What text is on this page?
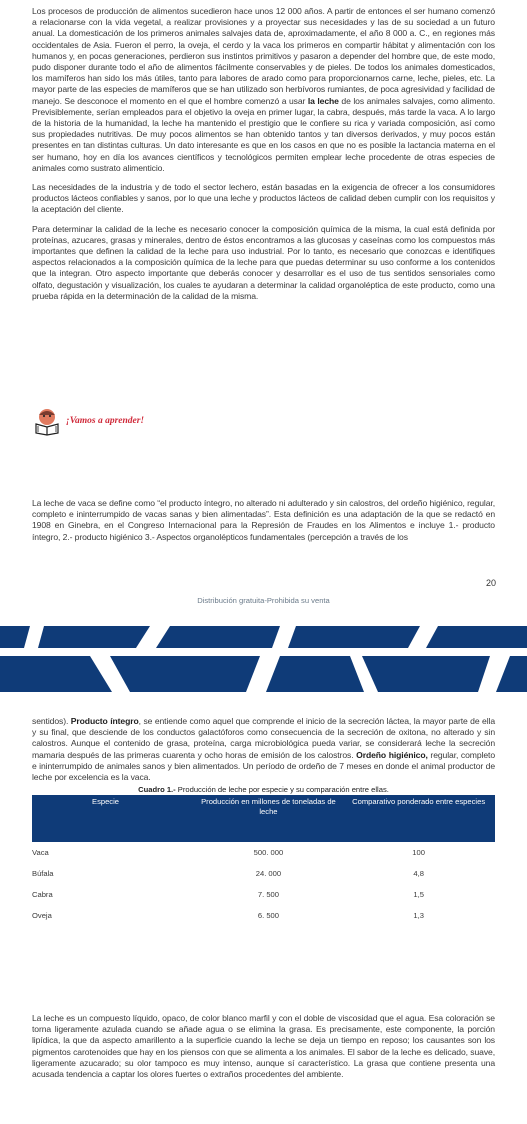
Los procesos de producción de alimentos sucedieron hace unos 12 000 años. A partir de entonces el ser humano comenzó a relacionarse con la vida vegetal, a realizar provisiones y a proyectar sus necesidades y las de su sociedad a un futuro anual. La domesticación de los primeros animales salvajes data de, aproximadamente, el año 8 000 a. C., en regiones más occidentales de Asia. Fueron el perro, la oveja, el cerdo y la vaca los primeros en compartir hábitat y alimentación con los humanos y, en pocas generaciones, perdieron sus instintos primitivos y pasaron a depender del hombre que, de este modo, pudo disponer durante todo el año de alimentos fácilmente conservables y de pieles. De todos los animales domesticados, los mamíferos han sido los más útiles, tanto para labores de arado como para proporcionarnos carne, leche, pieles, etc. La mayor parte de las especies de mamíferos que se han utilizado son herbívoros rumiantes, de poca agresividad y facilidad de manejo. Se desconoce el momento en el que el hombre comenzó a usar la leche de los animales salvajes, como alimento. Previsiblemente, serían empleados para el objetivo la oveja en primer lugar, la cabra, después, más tarde la vaca. A lo largo de la historia de la humanidad, la leche ha mantenido el prestigio que le confiere su rica y variada composición, así como sus propiedades nutritivas. De muy pocos alimentos se han obtenido tantos y tan diversos derivados, y muy pocos están presentes en tan distintas culturas. Un dato interesante es que en los casos en que no es posible la lactancia materna en el ser humano, hoy en día los avances científicos y tecnológicos permiten emplear leche procedente de otras especies de animales como sustrato alimenticio.

Las necesidades de la industria y de todo el sector lechero, están basadas en la exigencia de ofrecer a los consumidores productos lácteos confiables y sanos, por lo que una leche y productos lácteos de calidad deben cumplir con los requisitos y la aceptación del cliente.

Para determinar la calidad de la leche es necesario conocer la composición química de la misma, la cual está definida por proteínas, azucares, grasas y minerales, dentro de éstos encontramos a las glucosas y caseínas como los compuestos más importantes que definen la calidad de la leche para uso industrial. Por lo tanto, es necesario que conozcas e identifiques aspectos relacionados a la composición química de la leche para que puedas determinar su uso conforme a los contenidos que la integran. Otro aspecto importante que deberás conocer y desarrollar es el uso de tus sentidos sensoriales como olfato, degustación y visualización, los cuales te ayudaran a determinar la calidad organoléptica de este producto, como una prueba rápida en la determinación de la calidad de la misma.

¡Vamos a aprender!

La leche de vaca se define como “el producto íntegro, no alterado ni adulterado y sin calostros, del ordeño higiénico, regular, completo e ininterrumpido de vacas sanas y bien alimentadas”. Esta definición es una adaptación de la que se redactó en 1908 en Ginebra, en el Congreso Internacional para la Represión de Fraudes en los Alimentos e incluye 1.- producto íntegro, 2.- producto higiénico 3.- Aspectos organolépticos fundamentales (percepción a través de los

20
Distribución gratuita-Prohibida su venta

sentidos). Producto íntegro, se entiende como aquel que comprende el inicio de la secreción láctea, la mayor parte de ella y su final, que desciende de los conductos galactóforos como consecuencia de la secreción de oxitona, no alterado y sin calostros. Aunque el contenido de grasa, proteína, carga microbiológica pueda variar, se considerará leche la secreción mamaria después de las primeras cuarenta y ocho horas de emisión de los calostros. Ordeño higiénico, regular, completo e ininterrumpido de animales sanos y bien alimentados. Un período de ordeño de 7 meses en donde el animal productor de leche por excelencia es la vaca.

Cuadro 1.- Producción de leche por especie y su comparación entre ellas.

Especie	Producción en millones de toneladas de leche	Comparativo ponderado entre especies
Vaca	500. 000	100
Búfala	24. 000	4,8
Cabra	7. 500	1,5
Oveja	6. 500	1,3

La leche es un compuesto líquido, opaco, de color blanco marfil y con el doble de viscosidad que el agua. Esa coloración se torna ligeramente azulada cuando se añade agua o se elimina la grasa. Es precisamente, este componente, la porción lipídica, la que da aspecto amarillento a la superficie cuando la leche se deja un tiempo en reposo; los causantes son los pigmentos carotenoides que hay en los piensos con que se alimenta a los animales. El sabor de la leche es delicado, suave, ligeramente azucarado; su olor tampoco es muy intenso, aunque sí característico. La grasa que contiene presenta una acusada tendencia a captar los olores fuertes o extraños procedentes del ambiente.
